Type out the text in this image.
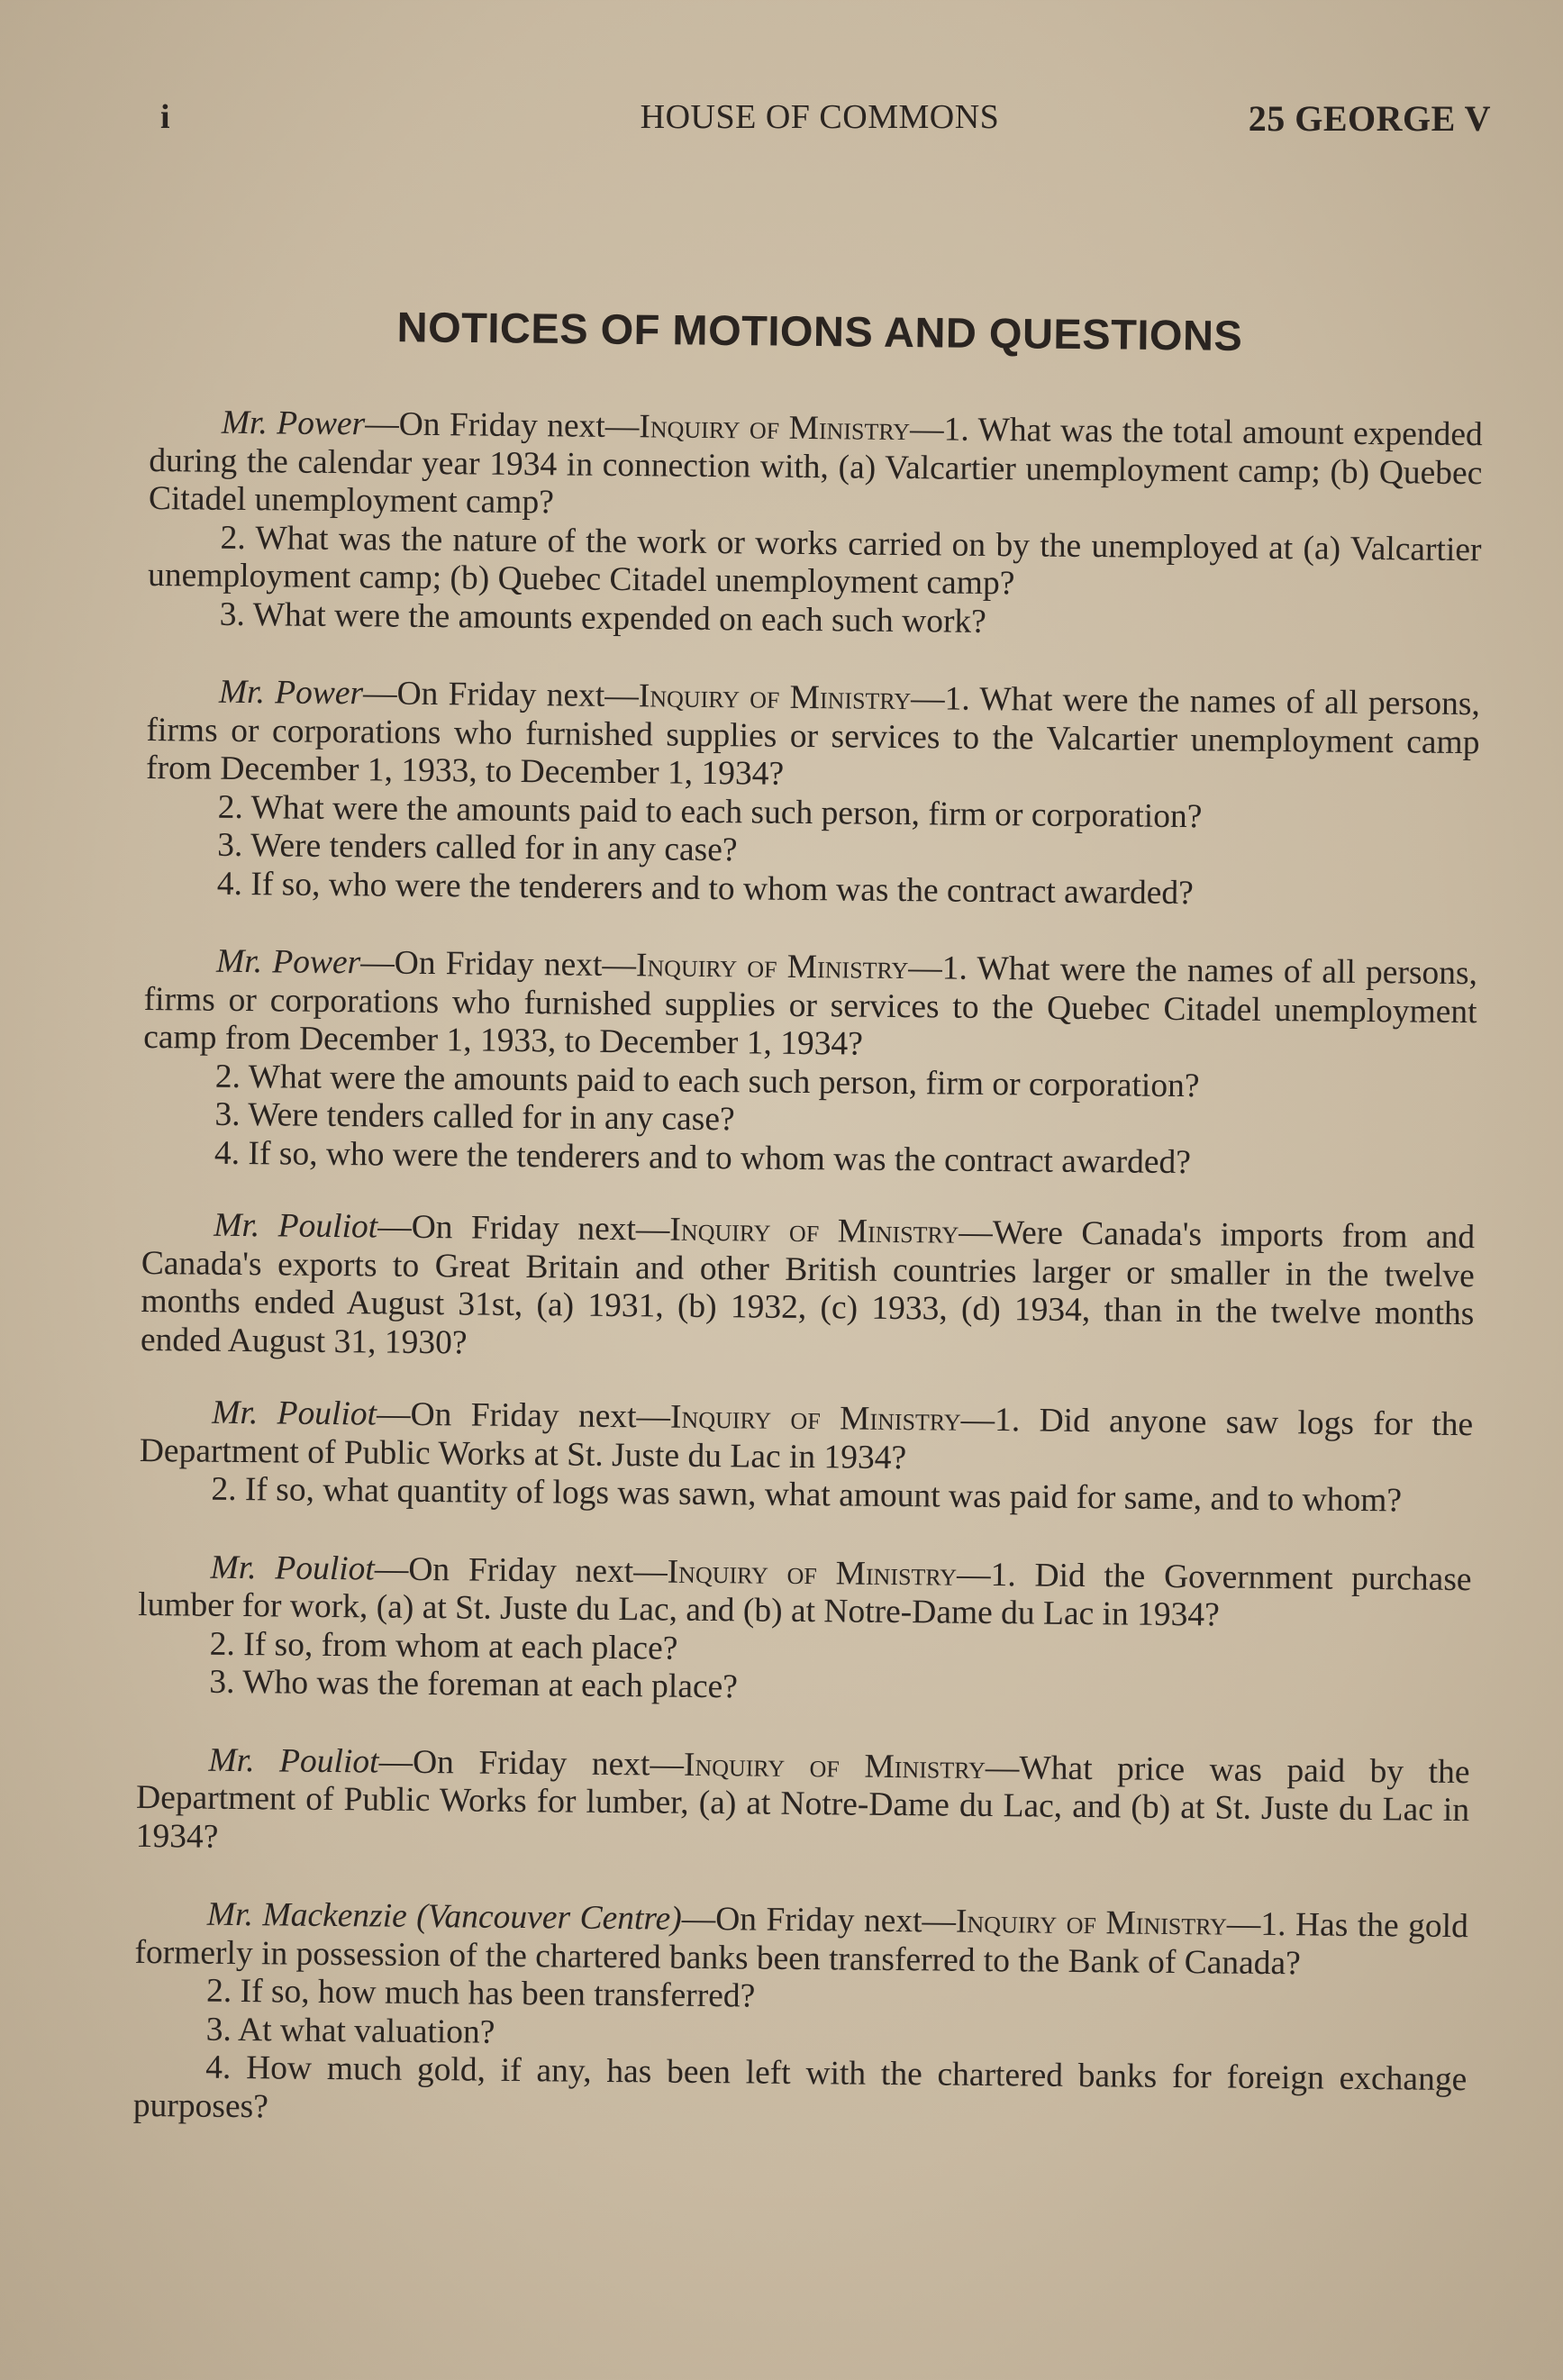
i	HOUSE OF COMMONS	25 GEORGE V
NOTICES OF MOTIONS AND QUESTIONS

Mr. Power—On Friday next—Inquiry of Ministry—1. What was the total amount expended during the calendar year 1934 in connection with, (a) Valcartier unemployment camp; (b) Quebec Citadel unemployment camp?

2. What was the nature of the work or works carried on by the unemployed at (a) Valcartier unemployment camp; (b) Quebec Citadel unemployment camp?

3. What were the amounts expended on each such work?

Mr. Power—On Friday next—Inquiry of Ministry—1. What were the names of all persons, firms or corporations who furnished supplies or services to the Valcartier unemployment camp from December 1, 1933, to December 1, 1934?

2. What were the amounts paid to each such person, firm or corporation?

3. Were tenders called for in any case?

4. If so, who were the tenderers and to whom was the contract awarded?

Mr. Power—On Friday next—Inquiry of Ministry—1. What were the names of all persons, firms or corporations who furnished supplies or services to the Quebec Citadel unemployment camp from December 1, 1933, to December 1, 1934?

2. What were the amounts paid to each such person, firm or corporation?

3. Were tenders called for in any case?

4. If so, who were the tenderers and to whom was the contract awarded?

Mr. Pouliot—On Friday next—Inquiry of Ministry—Were Canada's imports from and Canada's exports to Great Britain and other British countries larger or smaller in the twelve months ended August 31st, (a) 1931, (b) 1932, (c) 1933, (d) 1934, than in the twelve months ended August 31, 1930?

Mr. Pouliot—On Friday next—Inquiry of Ministry—1. Did anyone saw logs for the Department of Public Works at St. Juste du Lac in 1934?

2. If so, what quantity of logs was sawn, what amount was paid for same, and to whom?

Mr. Pouliot—On Friday next—Inquiry of Ministry—1. Did the Government purchase lumber for work, (a) at St. Juste du Lac, and (b) at Notre-Dame du Lac in 1934?

2. If so, from whom at each place?

3. Who was the foreman at each place?

Mr. Pouliot—On Friday next—Inquiry of Ministry—What price was paid by the Department of Public Works for lumber, (a) at Notre-Dame du Lac, and (b) at St. Juste du Lac in 1934?

Mr. Mackenzie (Vancouver Centre)—On Friday next—Inquiry of Ministry—1. Has the gold formerly in possession of the chartered banks been transferred to the Bank of Canada?

2. If so, how much has been transferred?

3. At what valuation?

4. How much gold, if any, has been left with the chartered banks for foreign exchange purposes?
